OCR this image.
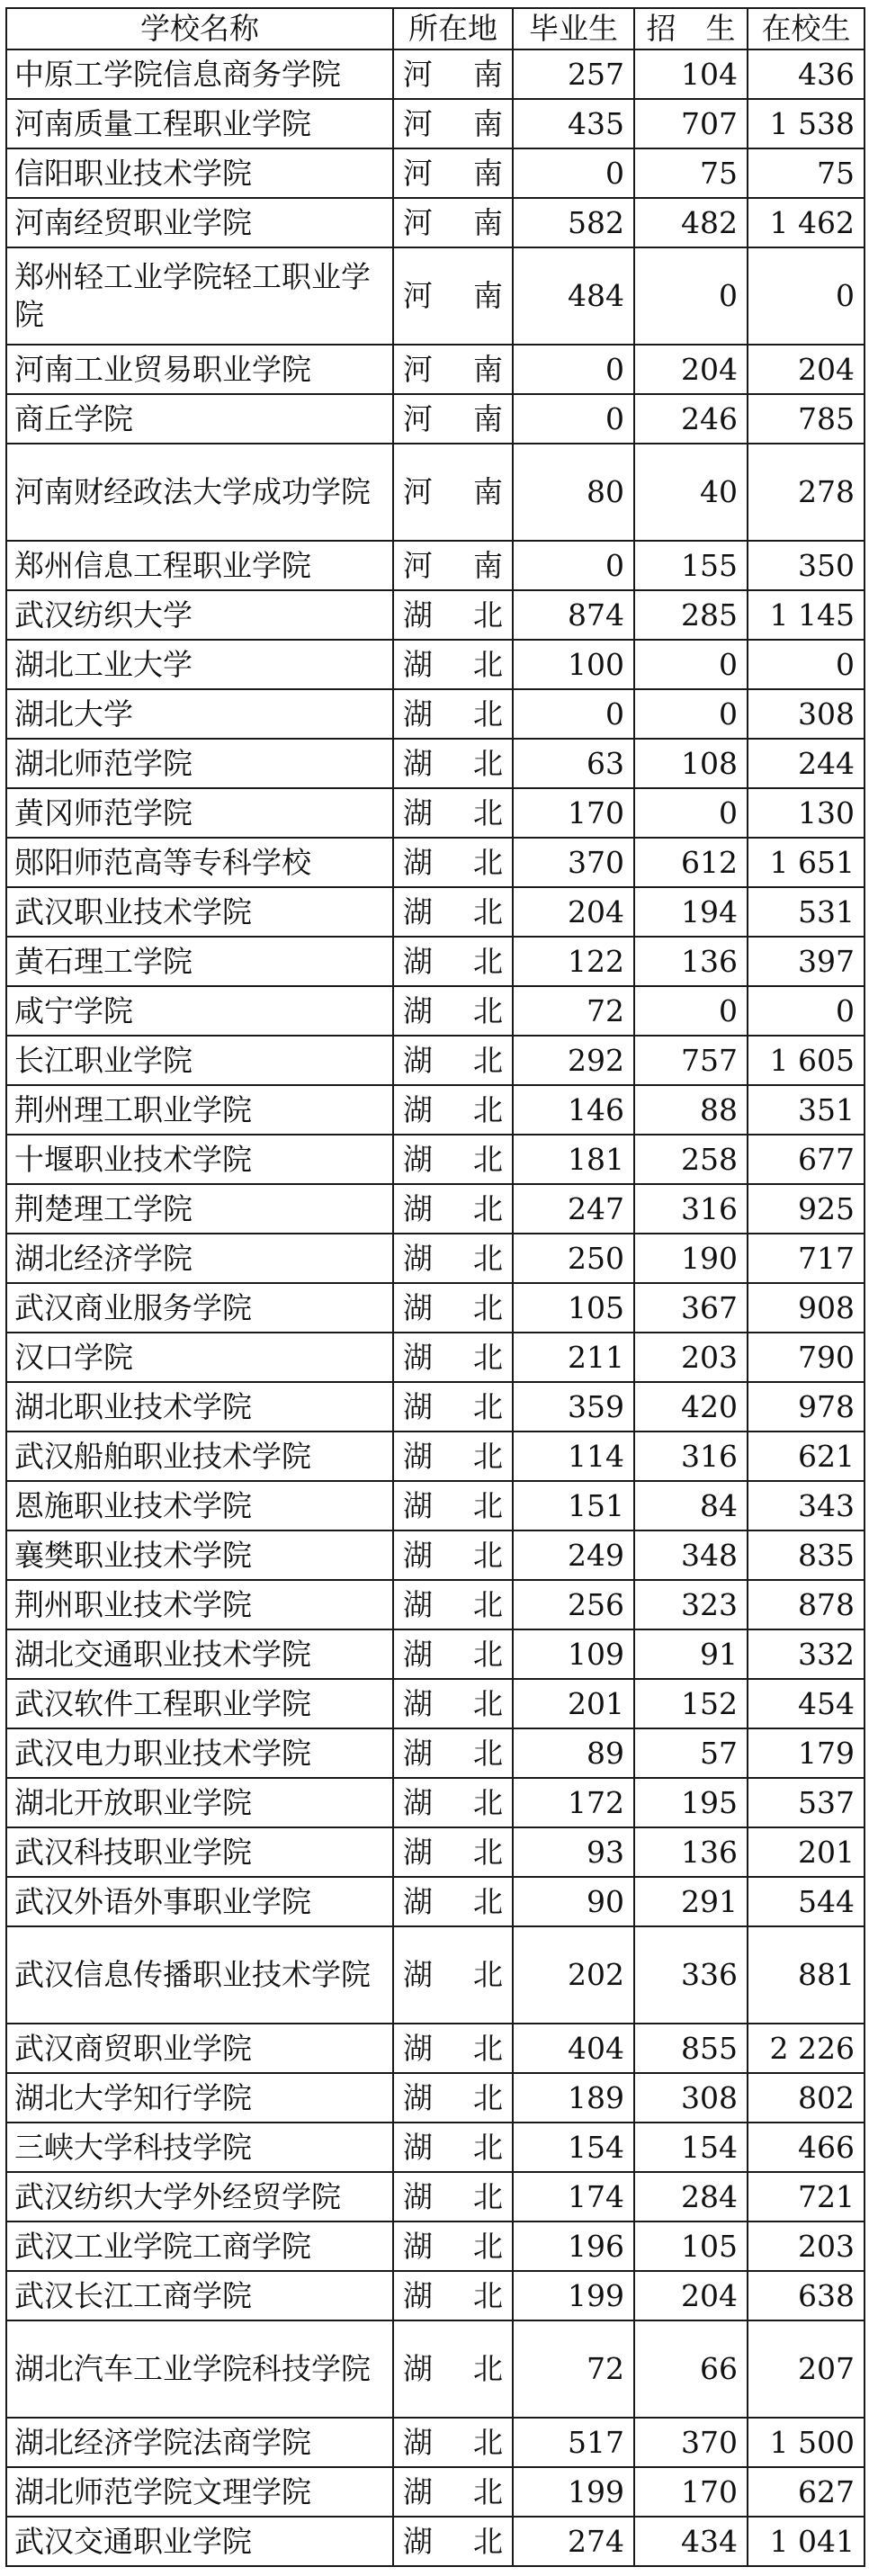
学校名称	所在地	毕业生	招　生	在校生
中原工学院信息商务学院	河 南	257	104	436
河南质量工程职业学院	河 南	435	707	1 538
信阳职业技术学院	河 南	0	75	75
河南经贸职业学院	河 南	582	482	1 462
郑州轻工业学院轻工职业学院	河 南	484	0	0
河南工业贸易职业学院	河 南	0	204	204
商丘学院	河 南	0	246	785
河南财经政法大学成功学院	河 南	80	40	278
郑州信息工程职业学院	河 南	0	155	350
武汉纺织大学	湖 北	874	285	1 145
湖北工业大学	湖 北	100	0	0
湖北大学	湖 北	0	0	308
湖北师范学院	湖 北	63	108	244
黄冈师范学院	湖 北	170	0	130
郧阳师范高等专科学校	湖 北	370	612	1 651
武汉职业技术学院	湖 北	204	194	531
黄石理工学院	湖 北	122	136	397
咸宁学院	湖 北	72	0	0
长江职业学院	湖 北	292	757	1 605
荆州理工职业学院	湖 北	146	88	351
十堰职业技术学院	湖 北	181	258	677
荆楚理工学院	湖 北	247	316	925
湖北经济学院	湖 北	250	190	717
武汉商业服务学院	湖 北	105	367	908
汉口学院	湖 北	211	203	790
湖北职业技术学院	湖 北	359	420	978
武汉船舶职业技术学院	湖 北	114	316	621
恩施职业技术学院	湖 北	151	84	343
襄樊职业技术学院	湖 北	249	348	835
荆州职业技术学院	湖 北	256	323	878
湖北交通职业技术学院	湖 北	109	91	332
武汉软件工程职业学院	湖 北	201	152	454
武汉电力职业技术学院	湖 北	89	57	179
湖北开放职业学院	湖 北	172	195	537
武汉科技职业学院	湖 北	93	136	201
武汉外语外事职业学院	湖 北	90	291	544
武汉信息传播职业技术学院	湖 北	202	336	881
武汉商贸职业学院	湖 北	404	855	2 226
湖北大学知行学院	湖 北	189	308	802
三峡大学科技学院	湖 北	154	154	466
武汉纺织大学外经贸学院	湖 北	174	284	721
武汉工业学院工商学院	湖 北	196	105	203
武汉长江工商学院	湖 北	199	204	638
湖北汽车工业学院科技学院	湖 北	72	66	207
湖北经济学院法商学院	湖 北	517	370	1 500
湖北师范学院文理学院	湖 北	199	170	627
武汉交通职业学院	湖 北	274	434	1 041
